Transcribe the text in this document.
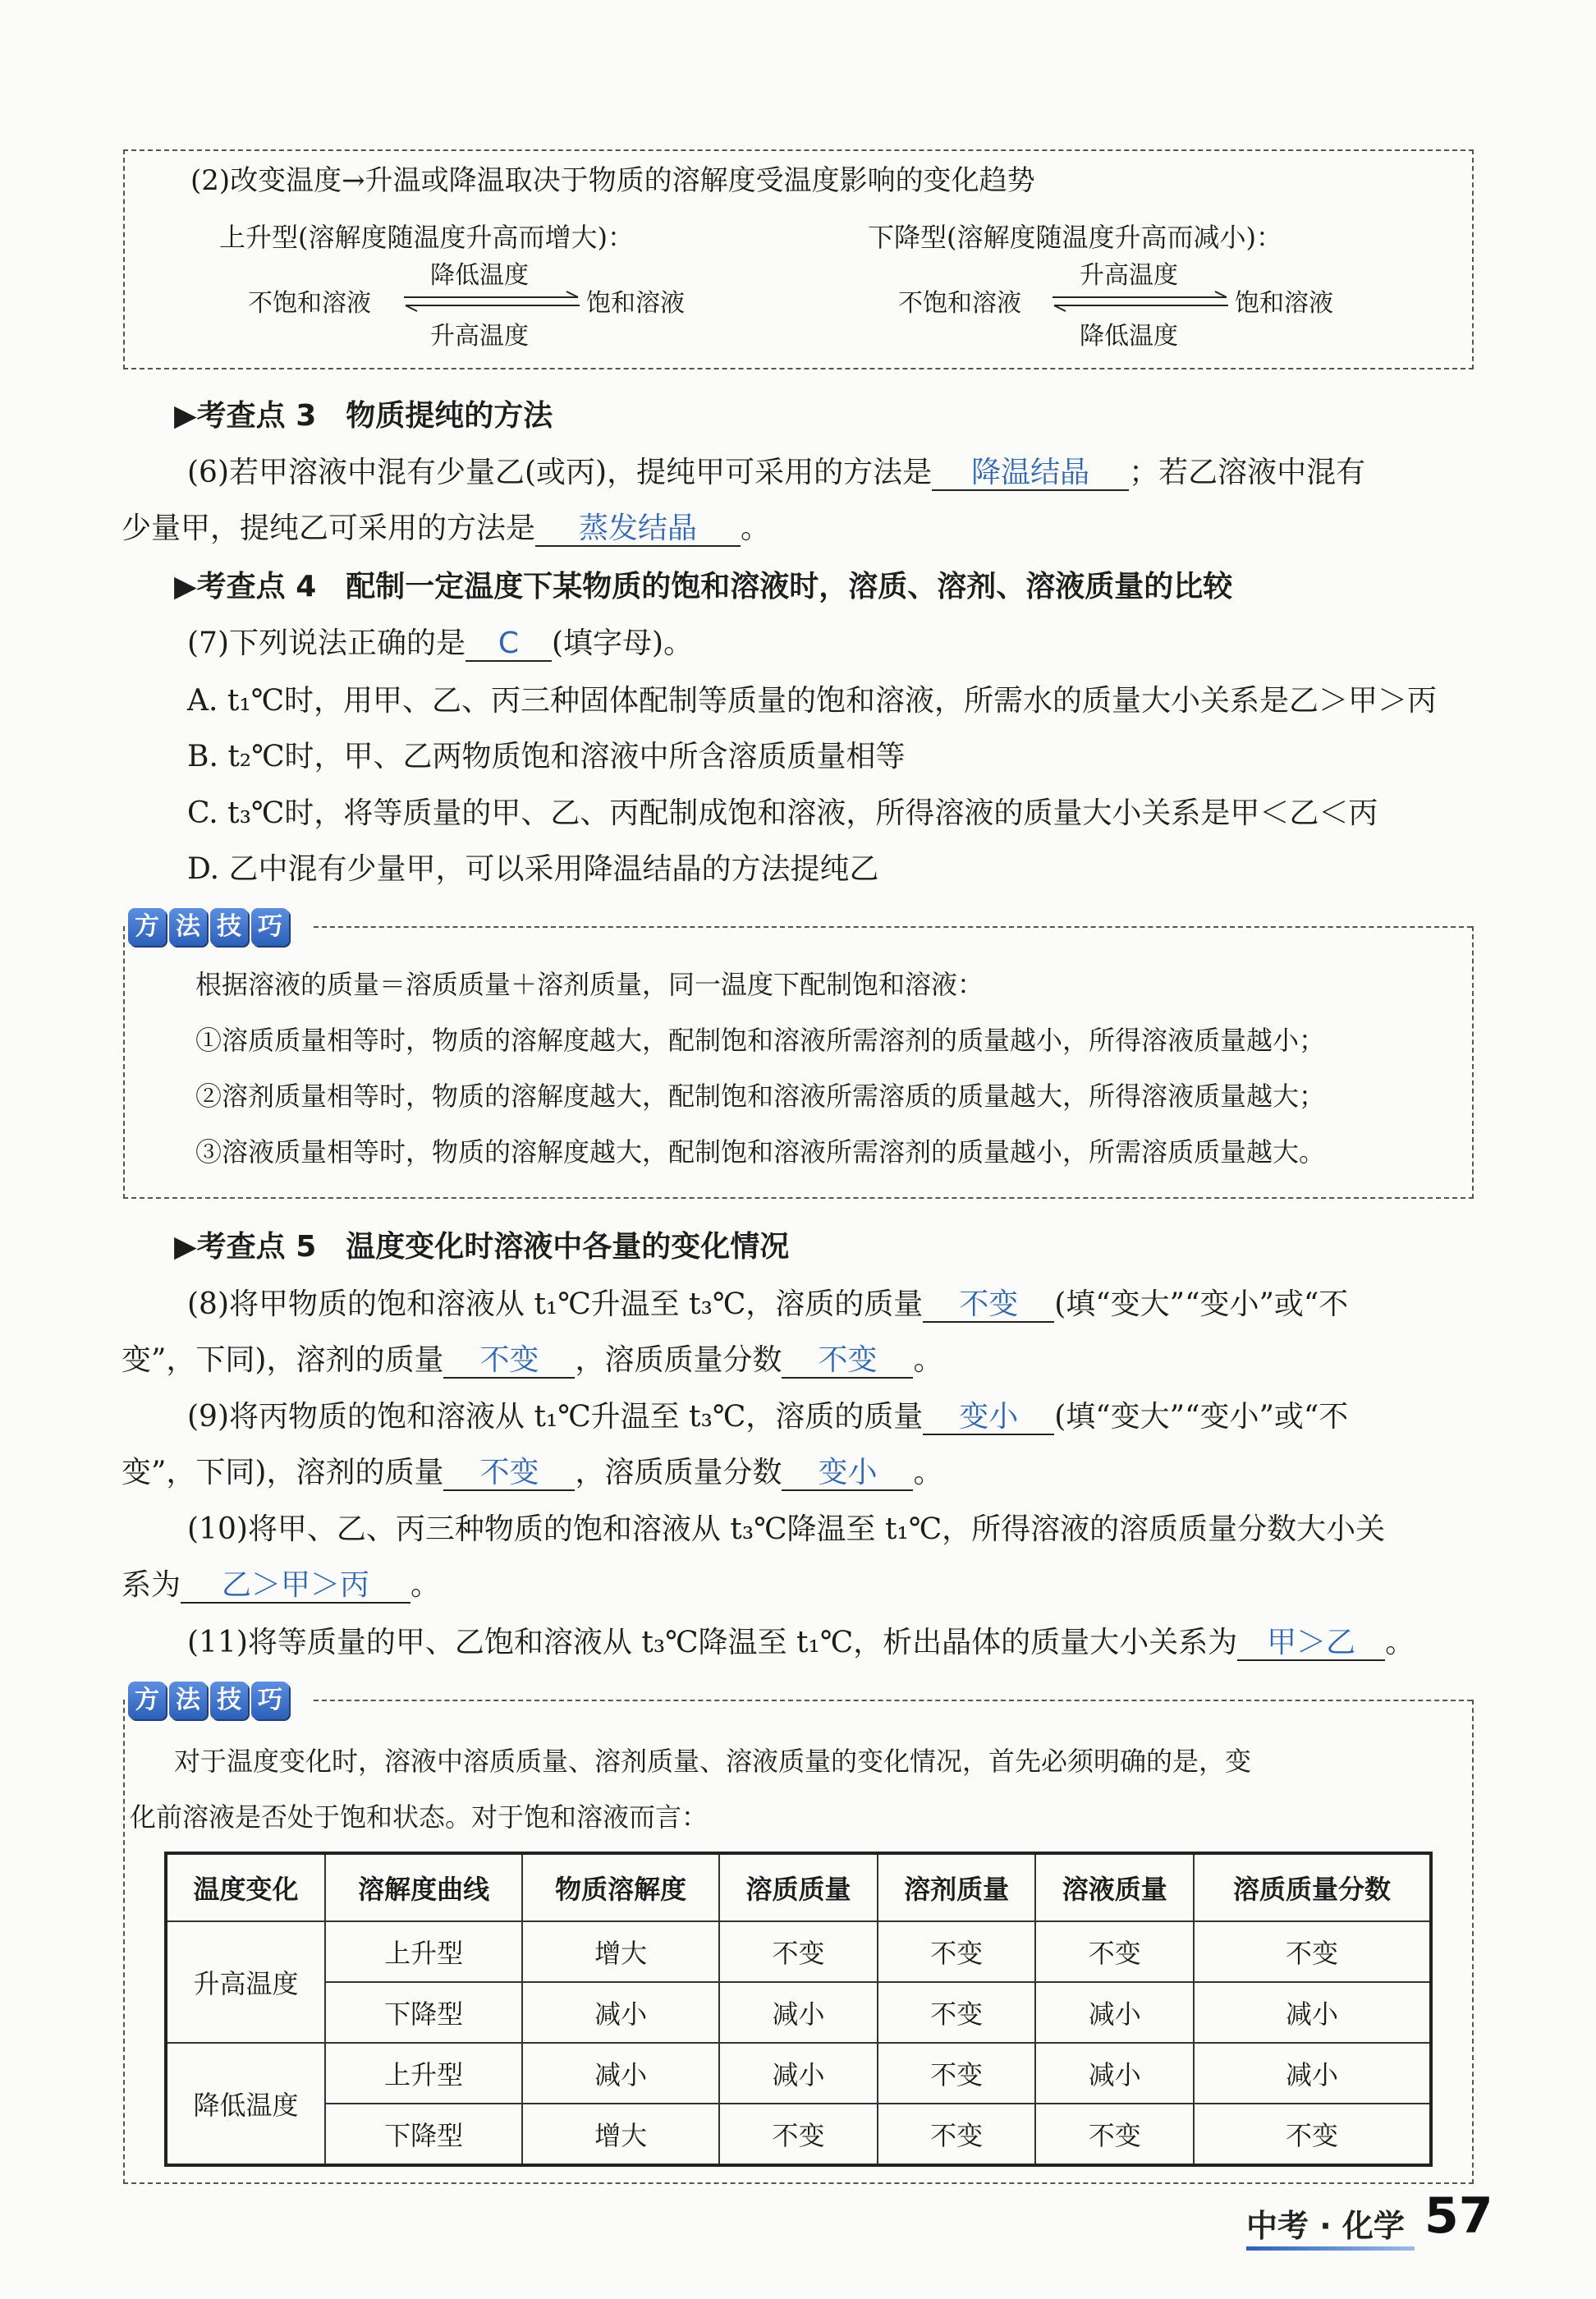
(2)改变温度→升温或降温取决于物质的溶解度受温度影响的变化趋势
上升型(溶解度随温度升高而增大)：	下降型(溶解度随温度升高而减小)：
降低温度
不饱和溶液	饱和溶液
升高温度
升高温度
不饱和溶液	饱和溶液
降低温度
▶考查点 3　物质提纯的方法
(6)若甲溶液中混有少量乙(或丙)，提纯甲可采用的方法是 降温结晶 ；若乙溶液中混有
少量甲，提纯乙可采用的方法是 蒸发结晶 。
▶考查点 4　配制一定温度下某物质的饱和溶液时，溶质、溶剂、溶液质量的比较
(7)下列说法正确的是 C (填字母)。
A. t₁℃时，用甲、乙、丙三种固体配制等质量的饱和溶液，所需水的质量大小关系是乙＞甲＞丙
B. t₂℃时，甲、乙两物质饱和溶液中所含溶质质量相等
C. t₃℃时，将等质量的甲、乙、丙配制成饱和溶液，所得溶液的质量大小关系是甲＜乙＜丙
D. 乙中混有少量甲，可以采用降温结晶的方法提纯乙
方 法 技 巧
根据溶液的质量＝溶质质量＋溶剂质量，同一温度下配制饱和溶液：
①溶质质量相等时，物质的溶解度越大，配制饱和溶液所需溶剂的质量越小，所得溶液质量越小；
②溶剂质量相等时，物质的溶解度越大，配制饱和溶液所需溶质的质量越大，所得溶液质量越大；
③溶液质量相等时，物质的溶解度越大，配制饱和溶液所需溶剂的质量越小，所需溶质质量越大。
▶考查点 5　温度变化时溶液中各量的变化情况
(8)将甲物质的饱和溶液从 t₁℃升温至 t₃℃，溶质的质量 不变 (填“变大”“变小”或“不
变”，下同)，溶剂的质量 不变 ，溶质质量分数 不变 。
(9)将丙物质的饱和溶液从 t₁℃升温至 t₃℃，溶质的质量 变小 (填“变大”“变小”或“不
变”，下同)，溶剂的质量 不变 ，溶质质量分数 变小 。
(10)将甲、乙、丙三种物质的饱和溶液从 t₃℃降温至 t₁℃，所得溶液的溶质质量分数大小关
系为 乙＞甲＞丙 。
(11)将等质量的甲、乙饱和溶液从 t₃℃降温至 t₁℃，析出晶体的质量大小关系为 甲＞乙 。
方 法 技 巧
对于温度变化时，溶液中溶质质量、溶剂质量、溶液质量的变化情况，首先必须明确的是，变
化前溶液是否处于饱和状态。对于饱和溶液而言：
温度变化	溶解度曲线	物质溶解度	溶质质量	溶剂质量	溶液质量	溶质质量分数
升高温度	上升型	增大	不变	不变	不变	不变
	下降型	减小	减小	不变	减小	减小
降低温度	上升型	减小	减小	不变	减小	减小
	下降型	增大	不变	不变	不变	不变
中考 · 化学 57
